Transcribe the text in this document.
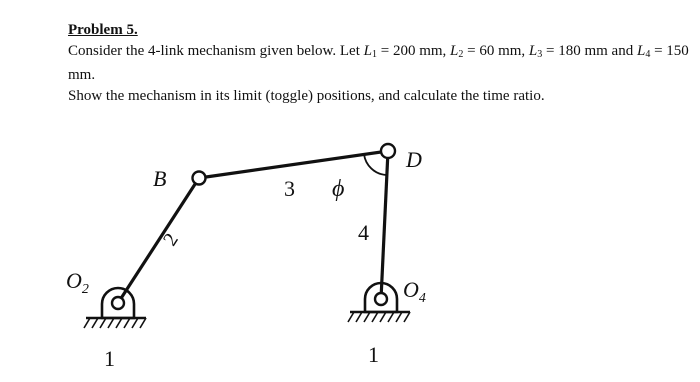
Problem 5.
Consider the 4-link mechanism given below. Let $L_1 = 200$ mm, $L_2 = 60$ mm, $L_3 = 180$ mm and $L_4 = 150$
mm.
Show the mechanism in its limit (toggle) positions, and calculate the time ratio.
B
D
$O_2$	$O_4$
2
3
4
ϕ
1	1
